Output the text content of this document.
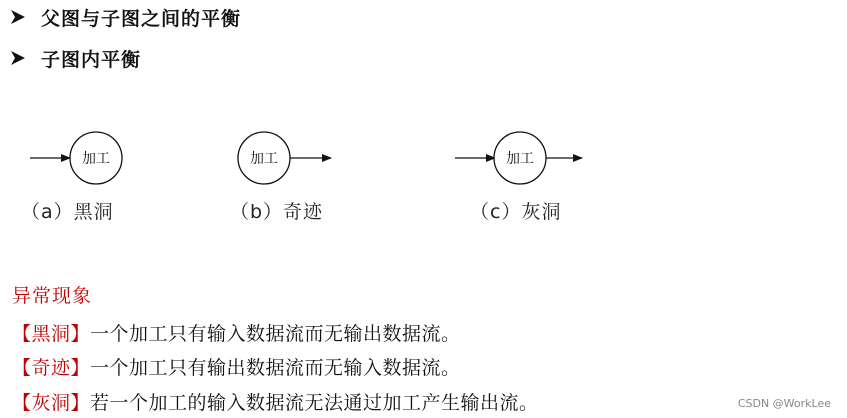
父图与子图之间的平衡
子图内平衡
加工	加工	加工
（a）黑洞	（b）奇迹	（c）灰洞
异常现象
【黑洞】一个加工只有输入数据流而无输出数据流。
【奇迹】一个加工只有输出数据流而无输入数据流。
【灰洞】若一个加工的输入数据流无法通过加工产生输出流。	CSDN @WorkLee
